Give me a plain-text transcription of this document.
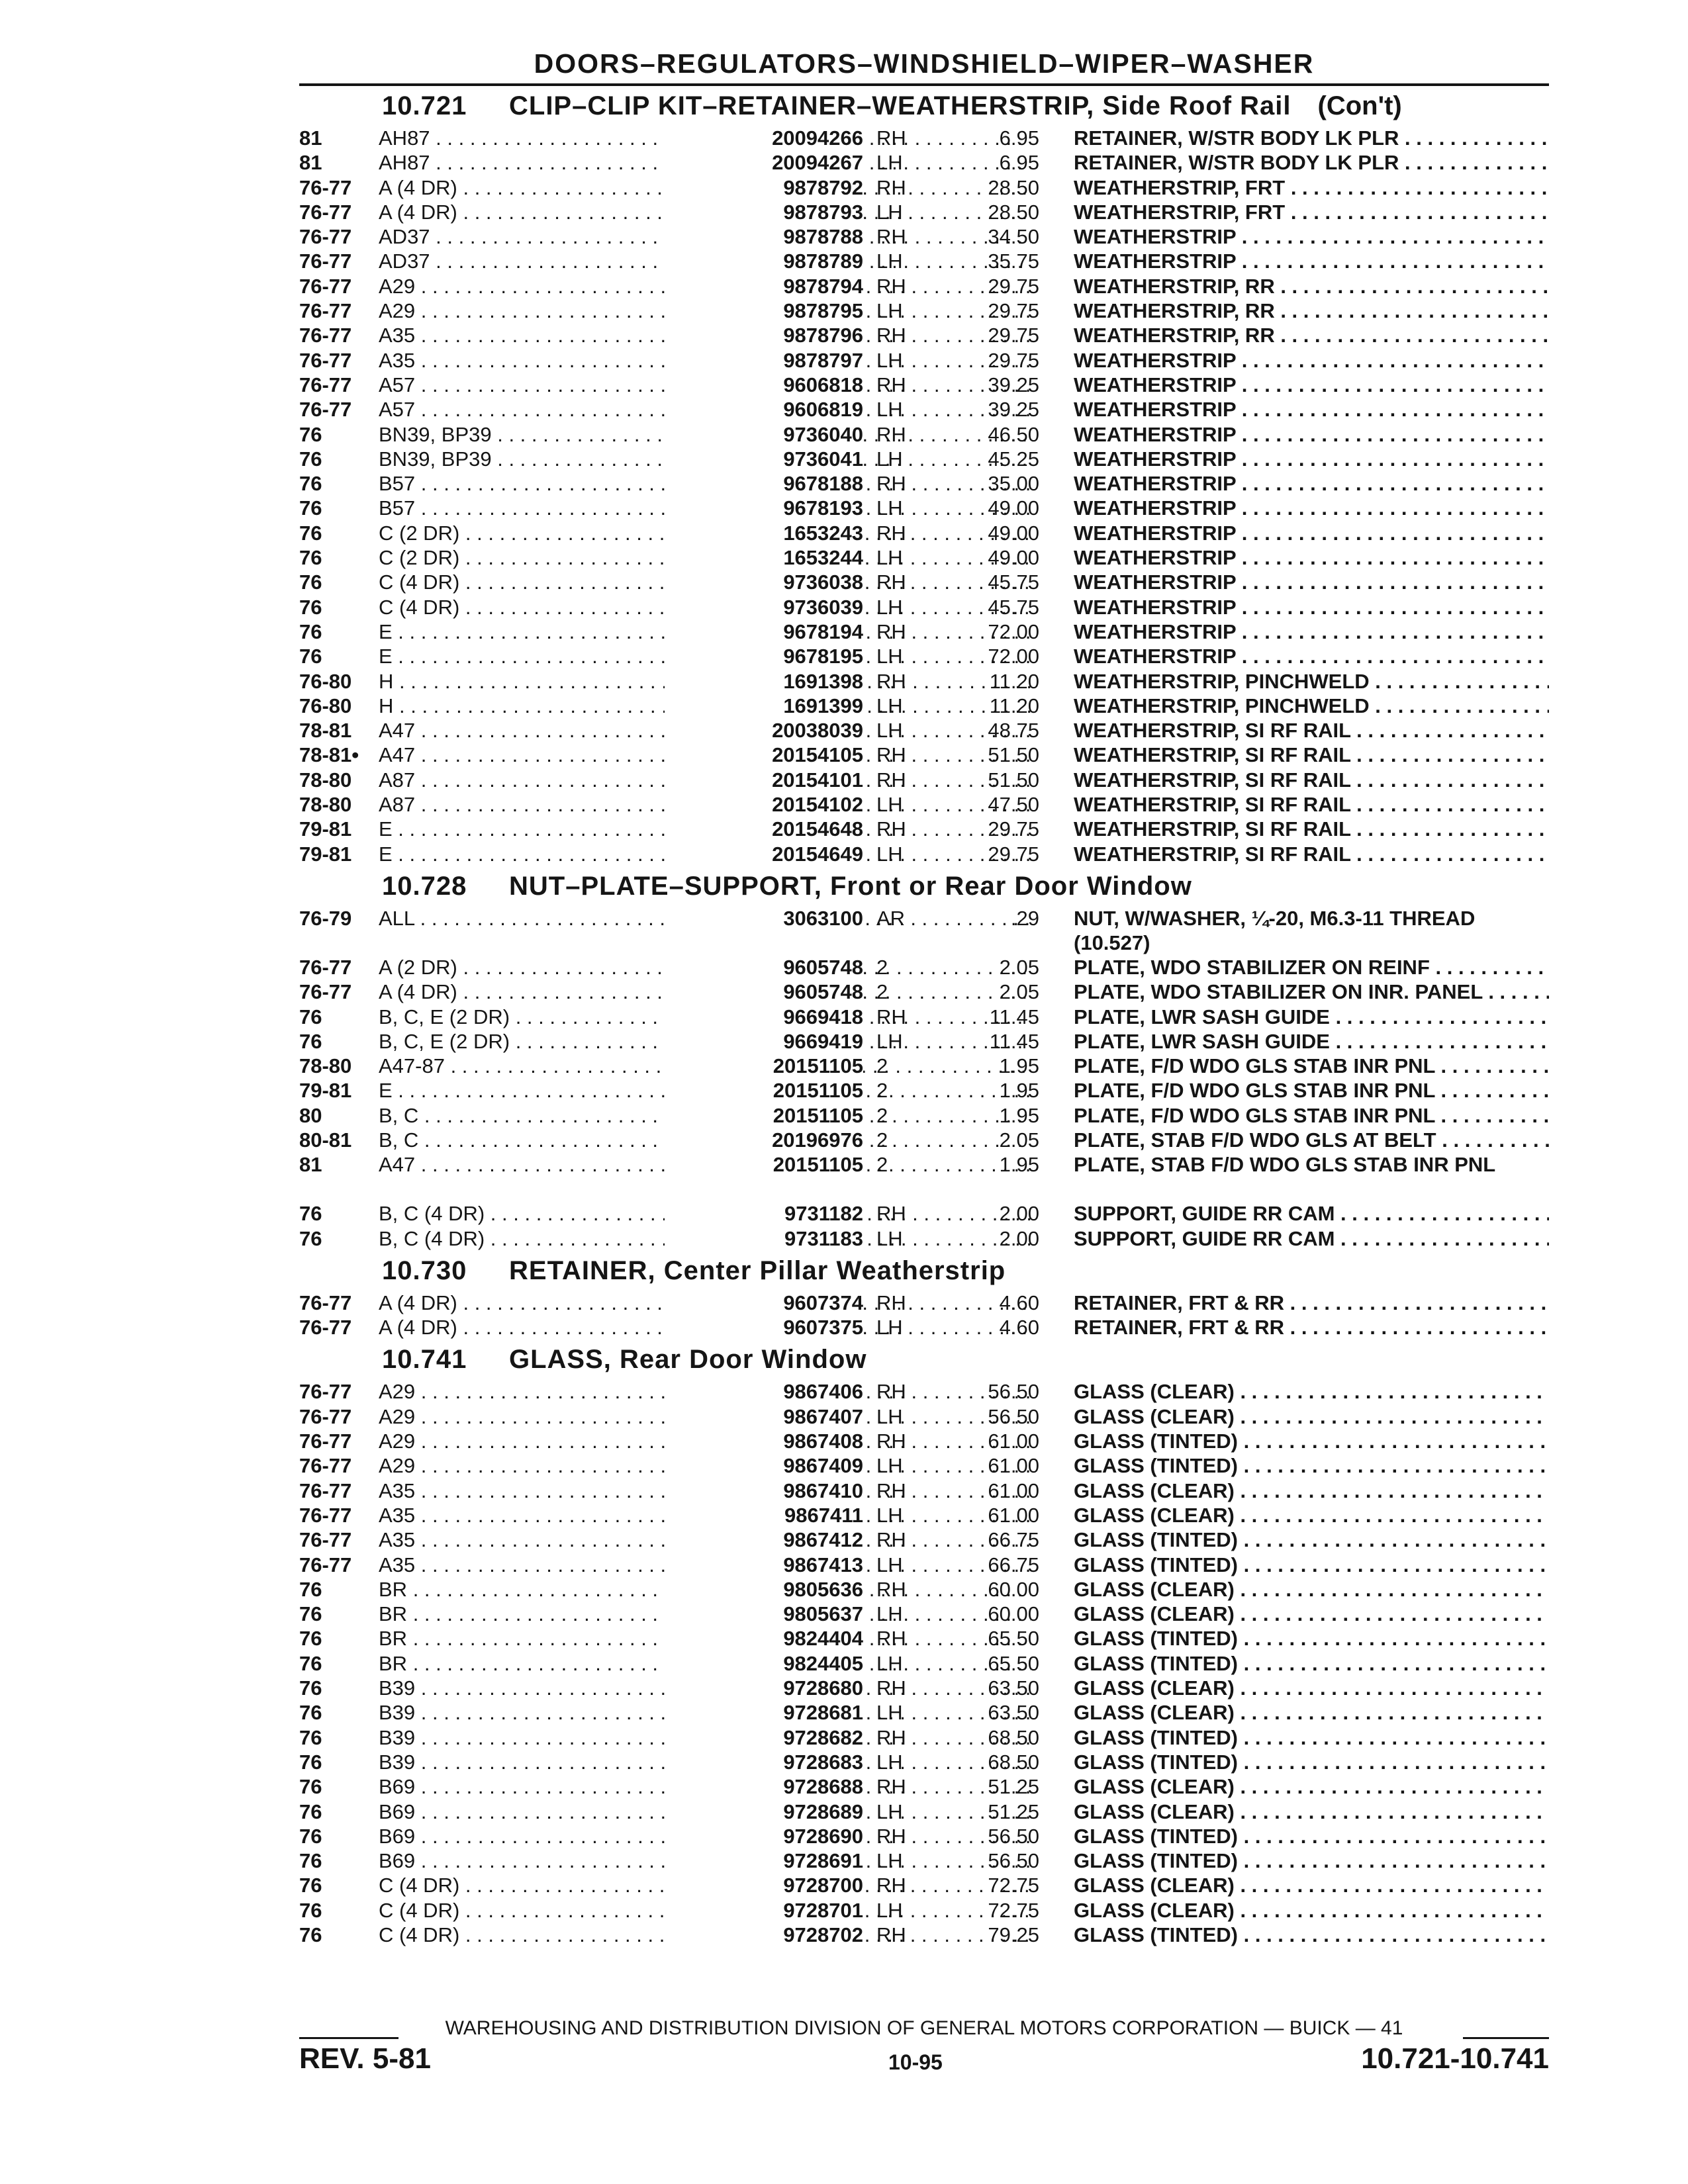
DOORS–REGULATORS–WINDSHIELD–WIPER–WASHER
10.721 CLIP–CLIP KIT–RETAINER–WEATHERSTRIP, Side Roof Rail (Con't)
81	AH87 . . .	20094266 RH	6.95 RETAINER, W/STR BODY LK PLR . . .
81	AH87 . . .	20094267 LH	6.95 RETAINER, W/STR BODY LK PLR . . .
76-77	A (4 DR) . . .	9878792 RH	28.50 WEATHERSTRIP, FRT . . .
76-77	A (4 DR) . . .	9878793 LH	28.50 WEATHERSTRIP, FRT . . .
76-77	AD37 . . .	9878788 RH	34.50 WEATHERSTRIP . . .
76-77	AD37 . . .	9878789 LH	35.75 WEATHERSTRIP . . .
76-77	A29 . . .	9878794 RH	29.75 WEATHERSTRIP, RR . . .
76-77	A29 . . .	9878795 LH	29.75 WEATHERSTRIP, RR . . .
76-77	A35 . . .	9878796 RH	29.75 WEATHERSTRIP, RR . . .
76-77	A35 . . .	9878797 LH	29.75 WEATHERSTRIP . . .
76-77	A57 . . .	9606818 RH	39.25 WEATHERSTRIP . . .
76-77	A57 . . .	9606819 LH	39.25 WEATHERSTRIP . . .
76	BN39, BP39 . . .	9736040 RH	46.50 WEATHERSTRIP . . .
76	BN39, BP39 . . .	9736041 LH	45.25 WEATHERSTRIP . . .
76	B57 . . .	9678188 RH	35.00 WEATHERSTRIP . . .
76	B57 . . .	9678193 LH	49.00 WEATHERSTRIP . . .
76	C (2 DR) . . .	1653243 RH	49.00 WEATHERSTRIP . . .
76	C (2 DR) . . .	1653244 LH	49.00 WEATHERSTRIP . . .
76	C (4 DR) . . .	9736038 RH	45.75 WEATHERSTRIP . . .
76	C (4 DR) . . .	9736039 LH	45.75 WEATHERSTRIP . . .
76	E . . .	9678194 RH	72.00 WEATHERSTRIP . . .
76	E . . .	9678195 LH	72.00 WEATHERSTRIP . . .
76-80	H . . .	1691398 RH	11.20 WEATHERSTRIP, PINCHWELD . . .
76-80	H . . .	1691399 LH	11.20 WEATHERSTRIP, PINCHWELD . . .
78-81	A47 . . .	20038039 LH	48.75 WEATHERSTRIP, SI RF RAIL . . .
78-81• A47 . . .	20154105 RH	51.50 WEATHERSTRIP, SI RF RAIL . . .
78-80	A87 . . .	20154101 RH	51.50 WEATHERSTRIP, SI RF RAIL . . .
78-80	A87 . . .	20154102 LH	47.50 WEATHERSTRIP, SI RF RAIL . . .
79-81	E . . .	20154648 RH	29.75 WEATHERSTRIP, SI RF RAIL . . .
79-81	E . . .	20154649 LH	29.75 WEATHERSTRIP, SI RF RAIL . . .
10.728 NUT–PLATE–SUPPORT, Front or Rear Door Window
76-79	ALL . . .	3063100 AR	.29 NUT, W/WASHER, ¼-20, M6.3-11 THREAD (10.527)
76-77	A (2 DR) . . .	9605748 2	2.05 PLATE, WDO STABILIZER ON REINF . . .
76-77	A (4 DR) . . .	9605748 2	2.05 PLATE, WDO STABILIZER ON INR. PANEL . . .
76	B, C, E (2 DR) . . .	9669418 RH	11.45 PLATE, LWR SASH GUIDE . . .
76	B, C, E (2 DR) . . .	9669419 LH	11.45 PLATE, LWR SASH GUIDE . . .
78-80	A47-87 . . .	20151105 2	1.95 PLATE, F/D WDO GLS STAB INR PNL . . .
79-81	E . . .	20151105 2	1.95 PLATE, F/D WDO GLS STAB INR PNL . . .
80	B, C . . .	20151105 2	1.95 PLATE, F/D WDO GLS STAB INR PNL . . .
80-81	B, C . . .	20196976 2	2.05 PLATE, STAB F/D WDO GLS AT BELT . . .
81	A47 . . .	20151105 2	1.95 PLATE, STAB F/D WDO GLS STAB INR PNL
76	B, C (4 DR) . . .	9731182 RH	2.00 SUPPORT, GUIDE RR CAM . . .
76	B, C (4 DR) . . .	9731183 LH	2.00 SUPPORT, GUIDE RR CAM . . .
10.730 RETAINER, Center Pillar Weatherstrip
76-77	A (4 DR) . . .	9607374 RH	4.60 RETAINER, FRT & RR . . .
76-77	A (4 DR) . . .	9607375 LH	4.60 RETAINER, FRT & RR . . .
10.741 GLASS, Rear Door Window
76-77	A29 . . .	9867406 RH	56.50 GLASS (CLEAR) . . .
76-77	A29 . . .	9867407 LH	56.50 GLASS (CLEAR) . . .
76-77	A29 . . .	9867408 RH	61.00 GLASS (TINTED) . . .
76-77	A29 . . .	9867409 LH	61.00 GLASS (TINTED) . . .
76-77	A35 . . .	9867410 RH	61.00 GLASS (CLEAR) . . .
76-77	A35 . . .	9867411 LH	61.00 GLASS (CLEAR) . . .
76-77	A35 . . .	9867412 RH	66.75 GLASS (TINTED) . . .
76-77	A35 . . .	9867413 LH	66.75 GLASS (TINTED) . . .
76	BR . . .	9805636 RH	60.00 GLASS (CLEAR) . . .
76	BR . . .	9805637 LH	60.00 GLASS (CLEAR) . . .
76	BR . . .	9824404 RH	65.50 GLASS (TINTED) . . .
76	BR . . .	9824405 LH	65.50 GLASS (TINTED) . . .
76	B39 . . .	9728680 RH	63.50 GLASS (CLEAR) . . .
76	B39 . . .	9728681 LH	63.50 GLASS (CLEAR) . . .
76	B39 . . .	9728682 RH	68.50 GLASS (TINTED) . . .
76	B39 . . .	9728683 LH	68.50 GLASS (TINTED) . . .
76	B69 . . .	9728688 RH	51.25 GLASS (CLEAR) . . .
76	B69 . . .	9728689 LH	51.25 GLASS (CLEAR) . . .
76	B69 . . .	9728690 RH	56.50 GLASS (TINTED) . . .
76	B69 . . .	9728691 LH	56.50 GLASS (TINTED) . . .
76	C (4 DR) . . .	9728700 RH	72.75 GLASS (CLEAR) . . .
76	C (4 DR) . . .	9728701 LH	72.75 GLASS (CLEAR) . . .
76	C (4 DR) . . .	9728702 RH	79.25 GLASS (TINTED) . . .
WAREHOUSING AND DISTRIBUTION DIVISION OF GENERAL MOTORS CORPORATION — BUICK — 41
REV. 5-81	10-95	10.721-10.741
